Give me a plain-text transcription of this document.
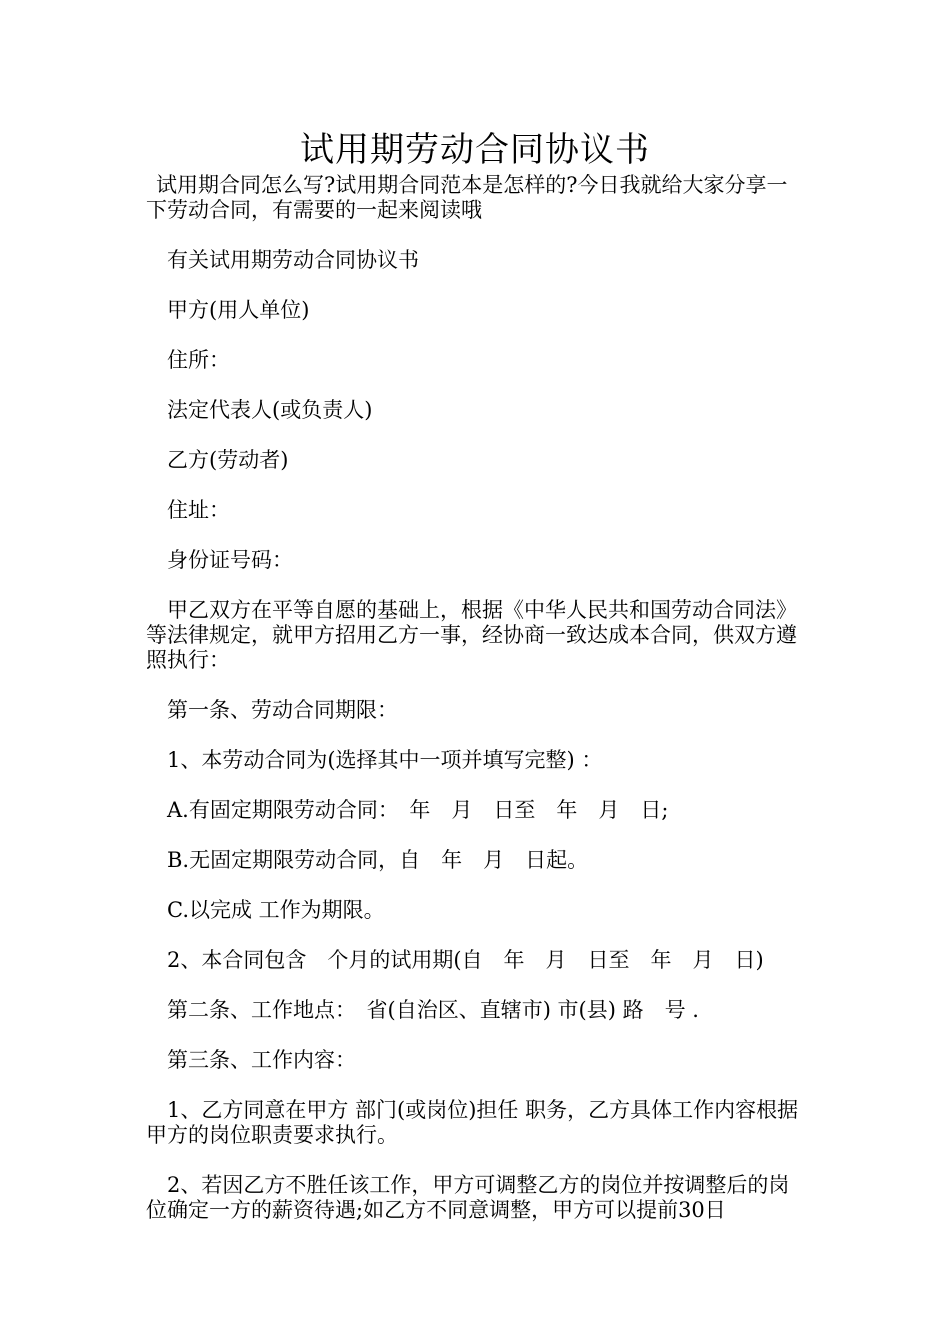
试用期劳动合同协议书

试用期合同怎么写?试用期合同范本是怎样的?今日我就给大家分享一下劳动合同，有需要的一起来阅读哦

有关试用期劳动合同协议书

甲方(用人单位)

住所：

法定代表人(或负责人)

乙方(劳动者)

住址：

身份证号码：

甲乙双方在平等自愿的基础上，根据《中华人民共和国劳动合同法》等法律规定，就甲方招用乙方一事，经协商一致达成本合同，供双方遵照执行：

第一条、劳动合同期限：

1、本劳动合同为(选择其中一项并填写完整) ：

A.有固定期限劳动合同：　年　月　日至　年　月　日;

B.无固定期限劳动合同，自　年　月　日起。

C.以完成 工作为期限。

2、本合同包含　个月的试用期(自　年　月　日至　年　月　日)

第二条、工作地点：　省(自治区、直辖市) 市(县) 路　号 .

第三条、工作内容：

1、乙方同意在甲方 部门(或岗位)担任 职务，乙方具体工作内容根据甲方的岗位职责要求执行。

2、若因乙方不胜任该工作，甲方可调整乙方的岗位并按调整后的岗位确定一方的薪资待遇;如乙方不同意调整，甲方可以提前30日
